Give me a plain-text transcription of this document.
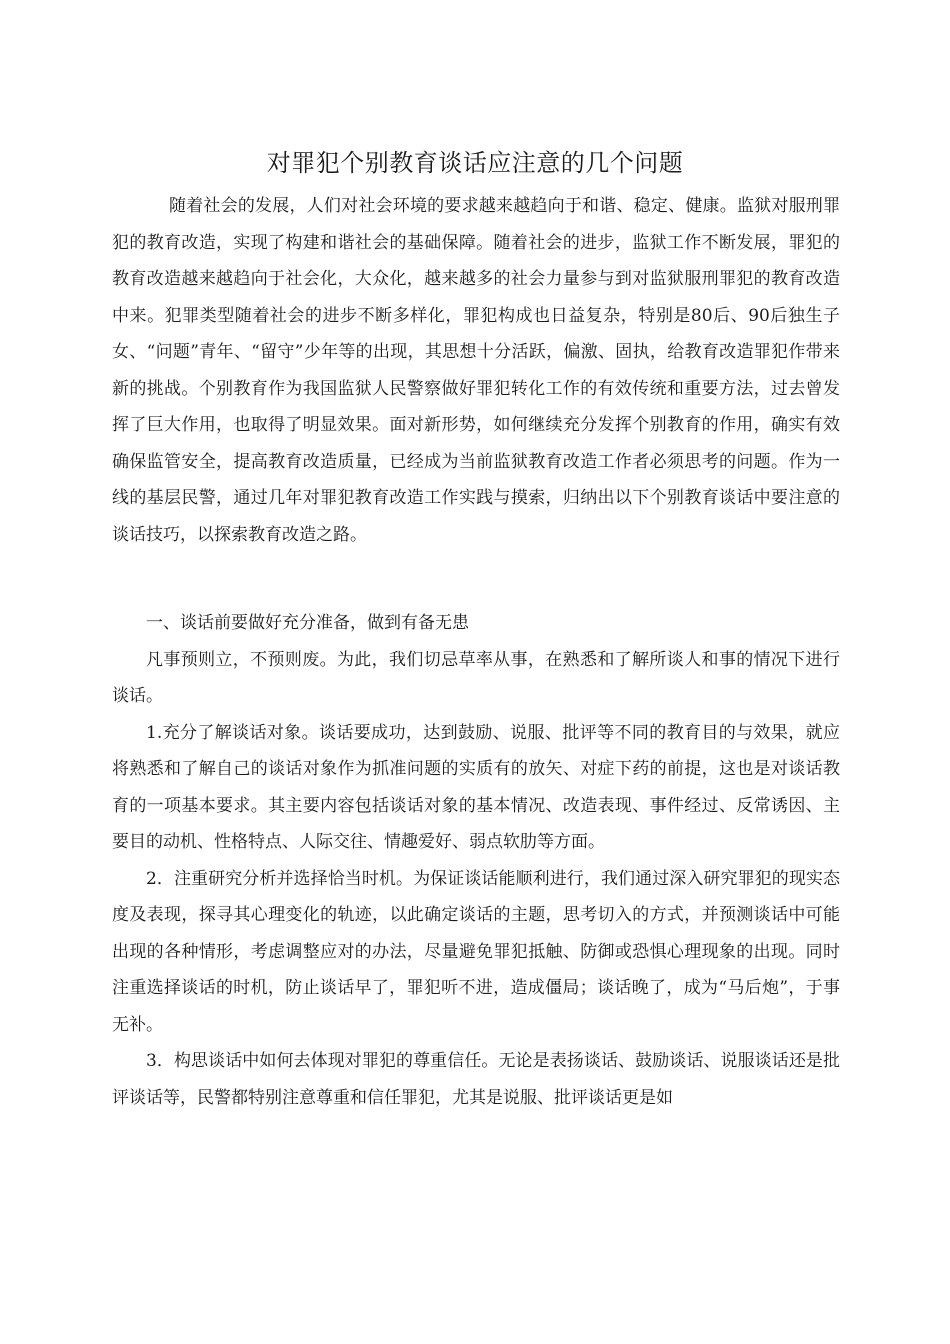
对罪犯个别教育谈话应注意的几个问题

随着社会的发展，人们对社会环境的要求越来越趋向于和谐、稳定、健康。监狱对服刑罪犯的教育改造，实现了构建和谐社会的基础保障。随着社会的进步，监狱工作不断发展，罪犯的教育改造越来越趋向于社会化，大众化，越来越多的社会力量参与到对监狱服刑罪犯的教育改造中来。犯罪类型随着社会的进步不断多样化，罪犯构成也日益复杂，特别是80后、90后独生子女、“问题”青年、“留守”少年等的出现，其思想十分活跃，偏激、固执，给教育改造罪犯作带来新的挑战。个别教育作为我国监狱人民警察做好罪犯转化工作的有效传统和重要方法，过去曾发挥了巨大作用，也取得了明显效果。面对新形势，如何继续充分发挥个别教育的作用，确实有效确保监管安全，提高教育改造质量，已经成为当前监狱教育改造工作者必须思考的问题。作为一线的基层民警，通过几年对罪犯教育改造工作实践与摸索，归纳出以下个别教育谈话中要注意的谈话技巧，以探索教育改造之路。

一、谈话前要做好充分准备，做到有备无患

凡事预则立，不预则废。为此，我们切忌草率从事，在熟悉和了解所谈人和事的情况下进行谈话。

1.充分了解谈话对象。谈话要成功，达到鼓励、说服、批评等不同的教育目的与效果，就应将熟悉和了解自己的谈话对象作为抓准问题的实质有的放矢、对症下药的前提，这也是对谈话教育的一项基本要求。其主要内容包括谈话对象的基本情况、改造表现、事件经过、反常诱因、主要目的动机、性格特点、人际交往、情趣爱好、弱点软肋等方面。

2．注重研究分析并选择恰当时机。为保证谈话能顺利进行，我们通过深入研究罪犯的现实态度及表现，探寻其心理变化的轨迹，以此确定谈话的主题，思考切入的方式，并预测谈话中可能出现的各种情形，考虑调整应对的办法，尽量避免罪犯抵触、防御或恐惧心理现象的出现。同时注重选择谈话的时机，防止谈话早了，罪犯听不进，造成僵局；谈话晚了，成为“马后炮”，于事无补。

3．构思谈话中如何去体现对罪犯的尊重信任。无论是表扬谈话、鼓励谈话、说服谈话还是批评谈话等，民警都特别注意尊重和信任罪犯，尤其是说服、批评谈话更是如
